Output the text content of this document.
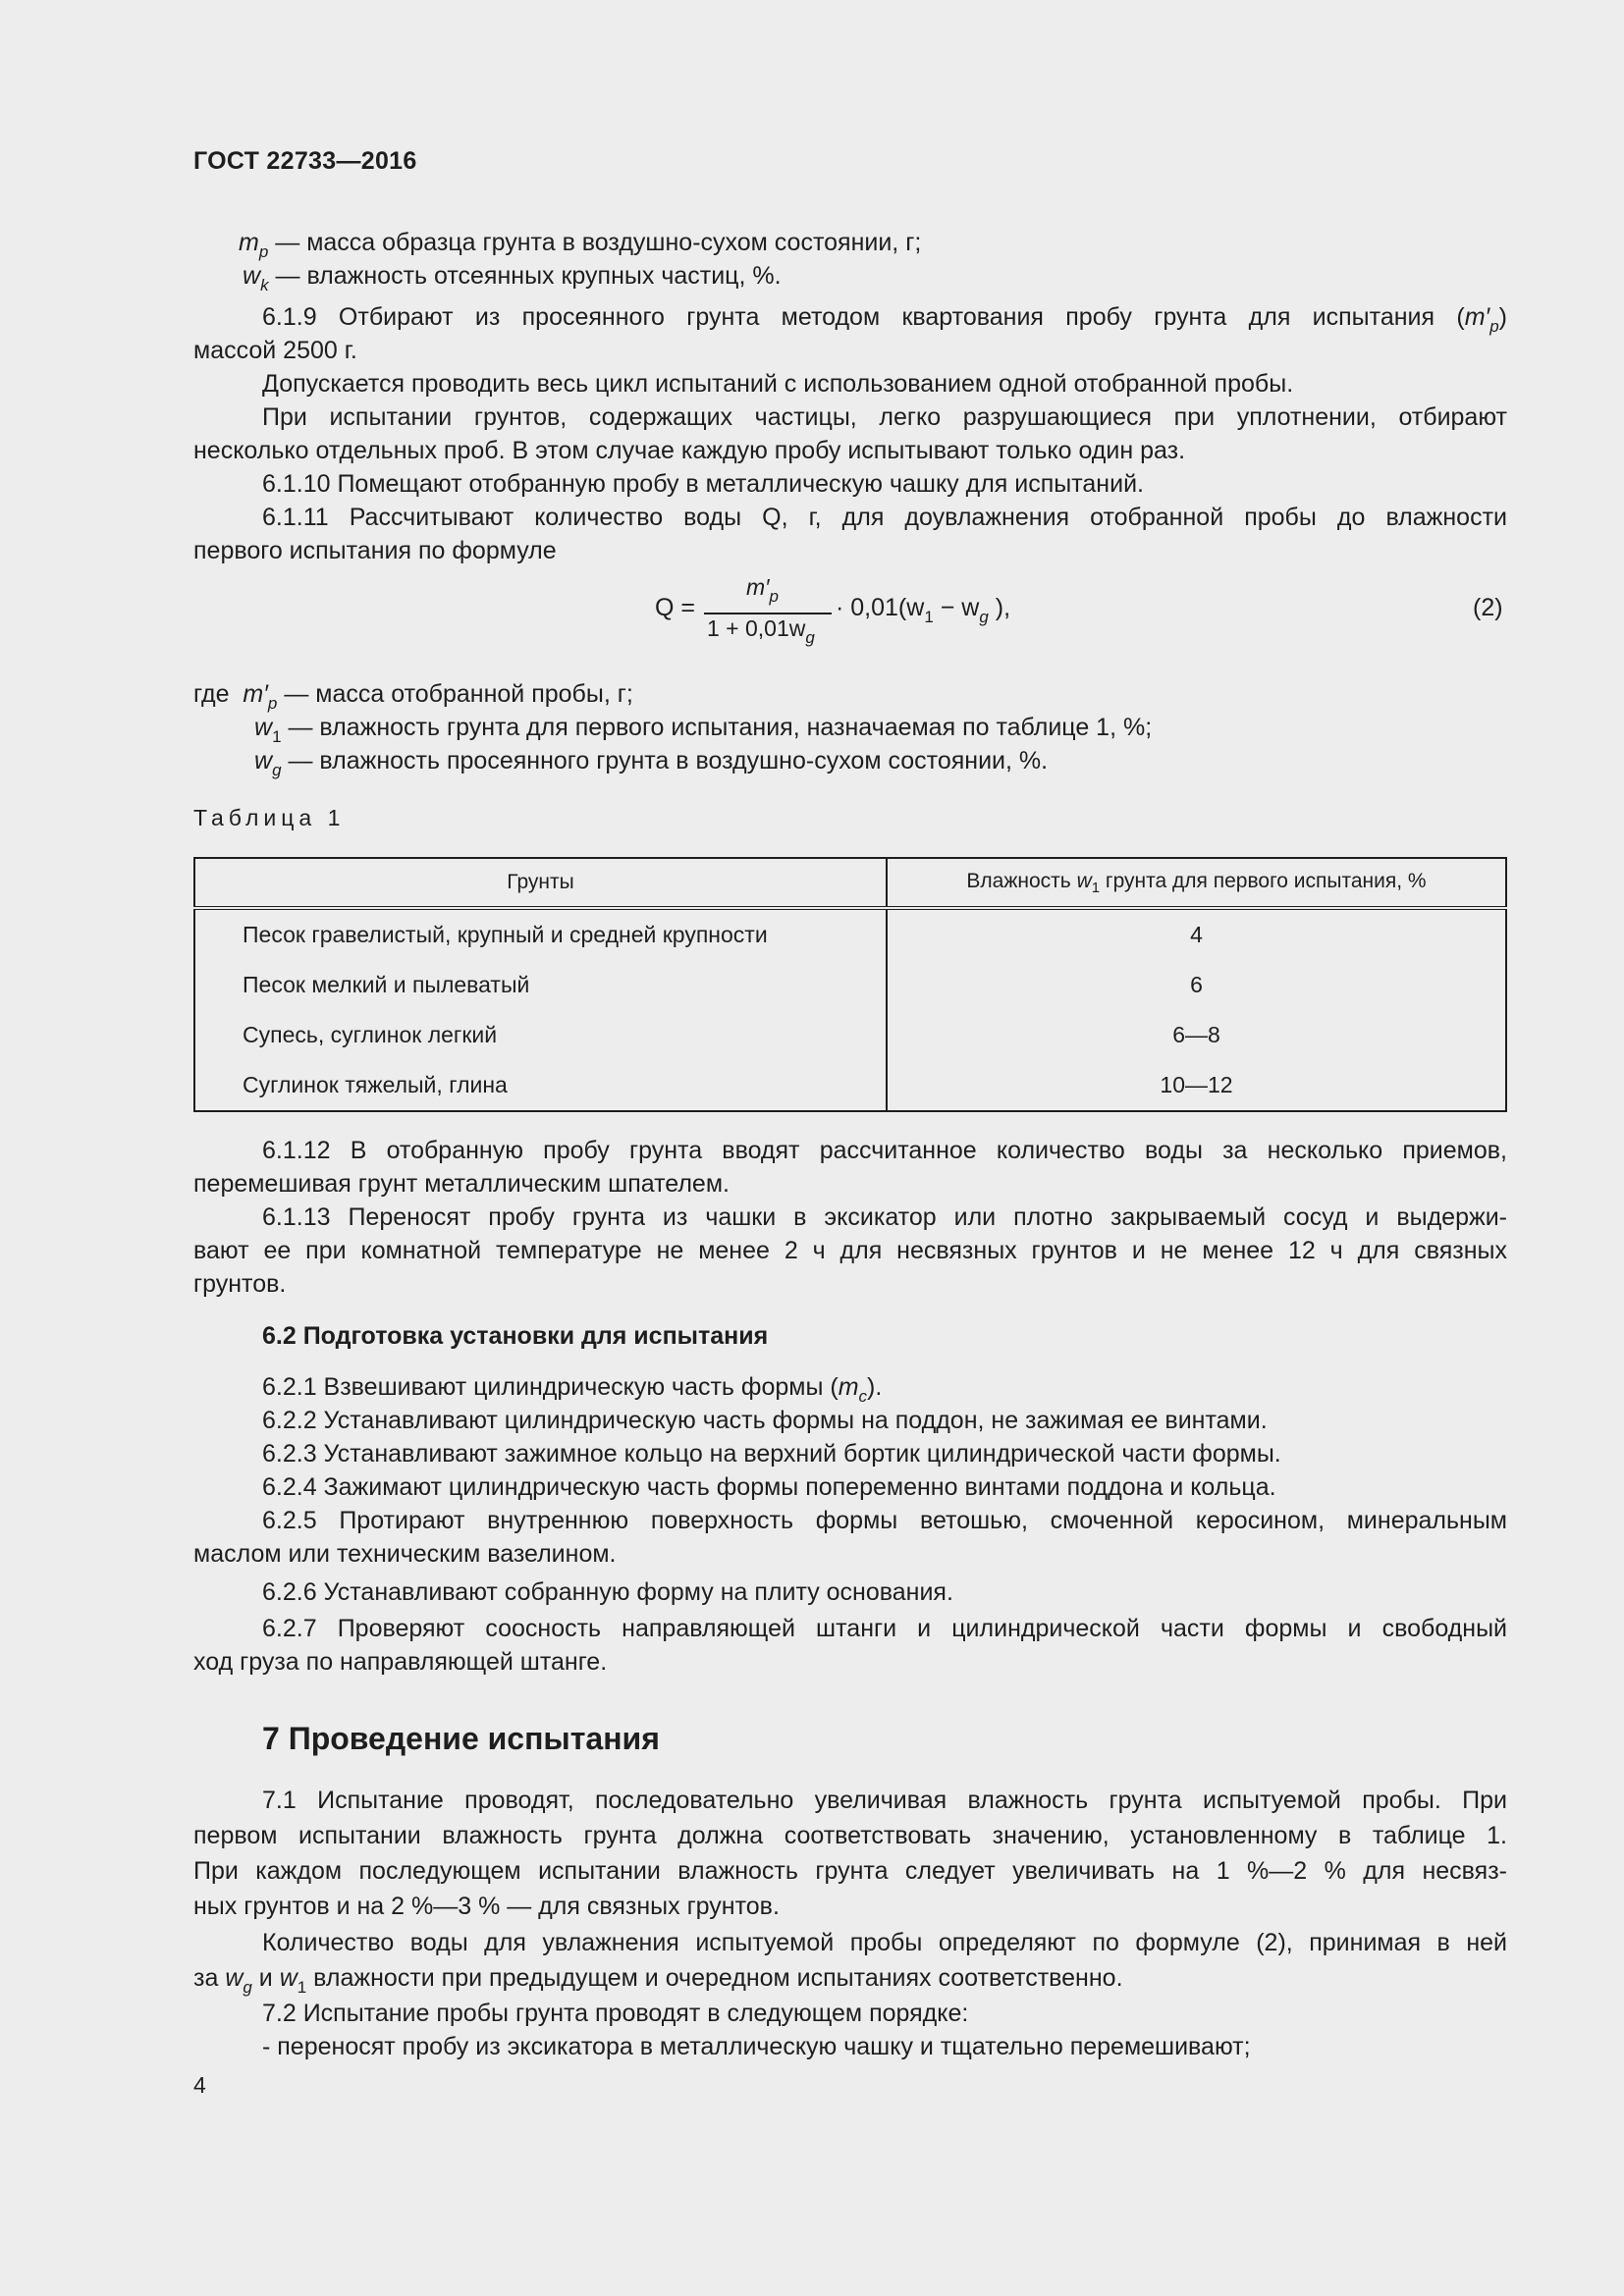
ГОСТ 22733—2016
$m_p$ — масса образца грунта в воздушно-сухом состоянии, г;
$w_k$ — влажность отсеянных крупных частиц, %.
6.1.9 Отбирают из просеянного грунта методом квартования пробу грунта для испытания $(m'_p)$
массой 2500 г.
Допускается проводить весь цикл испытаний с использованием одной отобранной пробы.
При испытании грунтов, содержащих частицы, легко разрушающиеся при уплотнении, отбирают
несколько отдельных проб. В этом случае каждую пробу испытывают только один раз.
6.1.10 Помещают отобранную пробу в металлическую чашку для испытаний.
6.1.11 Рассчитывают количество воды Q, г, для доувлажнения отобранной пробы до влажности
первого испытания по формуле
Q =
$m'_p$
$1 + 0,01w_g$
· $0,01(w_1 - w_g$ ),	(2)
где $m'_p$ — масса отобранной пробы, г;
$w_1$ — влажность грунта для первого испытания, назначаемая по таблице 1, %;
$w_g$ — влажность просеянного грунта в воздушно-сухом состоянии, %.
Таблица 1
Грунты	Влажность $w_1$ грунта для первого испытания, %
Песок гравелистый, крупный и средней крупности	4
Песок мелкий и пылеватый	6
Супесь, суглинок легкий	6—8
Суглинок тяжелый, глина	10—12
6.1.12 В отобранную пробу грунта вводят рассчитанное количество воды за несколько приемов,
перемешивая грунт металлическим шпателем.
6.1.13 Переносят пробу грунта из чашки в эксикатор или плотно закрываемый сосуд и выдержи-
вают ее при комнатной температуре не менее 2 ч для несвязных грунтов и не менее 12 ч для связных
грунтов.
6.2 Подготовка установки для испытания
6.2.1 Взвешивают цилиндрическую часть формы $(m_c)$.
6.2.2 Устанавливают цилиндрическую часть формы на поддон, не зажимая ее винтами.
6.2.3 Устанавливают зажимное кольцо на верхний бортик цилиндрической части формы.
6.2.4 Зажимают цилиндрическую часть формы попеременно винтами поддона и кольца.
6.2.5 Протирают внутреннюю поверхность формы ветошью, смоченной керосином, минеральным
маслом или техническим вазелином.
6.2.6 Устанавливают собранную форму на плиту основания.
6.2.7 Проверяют соосность направляющей штанги и цилиндрической части формы и свободный
ход груза по направляющей штанге.
7 Проведение испытания
7.1 Испытание проводят, последовательно увеличивая влажность грунта испытуемой пробы. При
первом испытании влажность грунта должна соответствовать значению, установленному в таблице 1.
При каждом последующем испытании влажность грунта следует увеличивать на 1 %—2 % для несвяз-
ных грунтов и на 2 %—3 % — для связных грунтов.
Количество воды для увлажнения испытуемой пробы определяют по формуле (2), принимая в ней
за $w_g$ и $w_1$ влажности при предыдущем и очередном испытаниях соответственно.
7.2 Испытание пробы грунта проводят в следующем порядке:
- переносят пробу из эксикатора в металлическую чашку и тщательно перемешивают;
4
